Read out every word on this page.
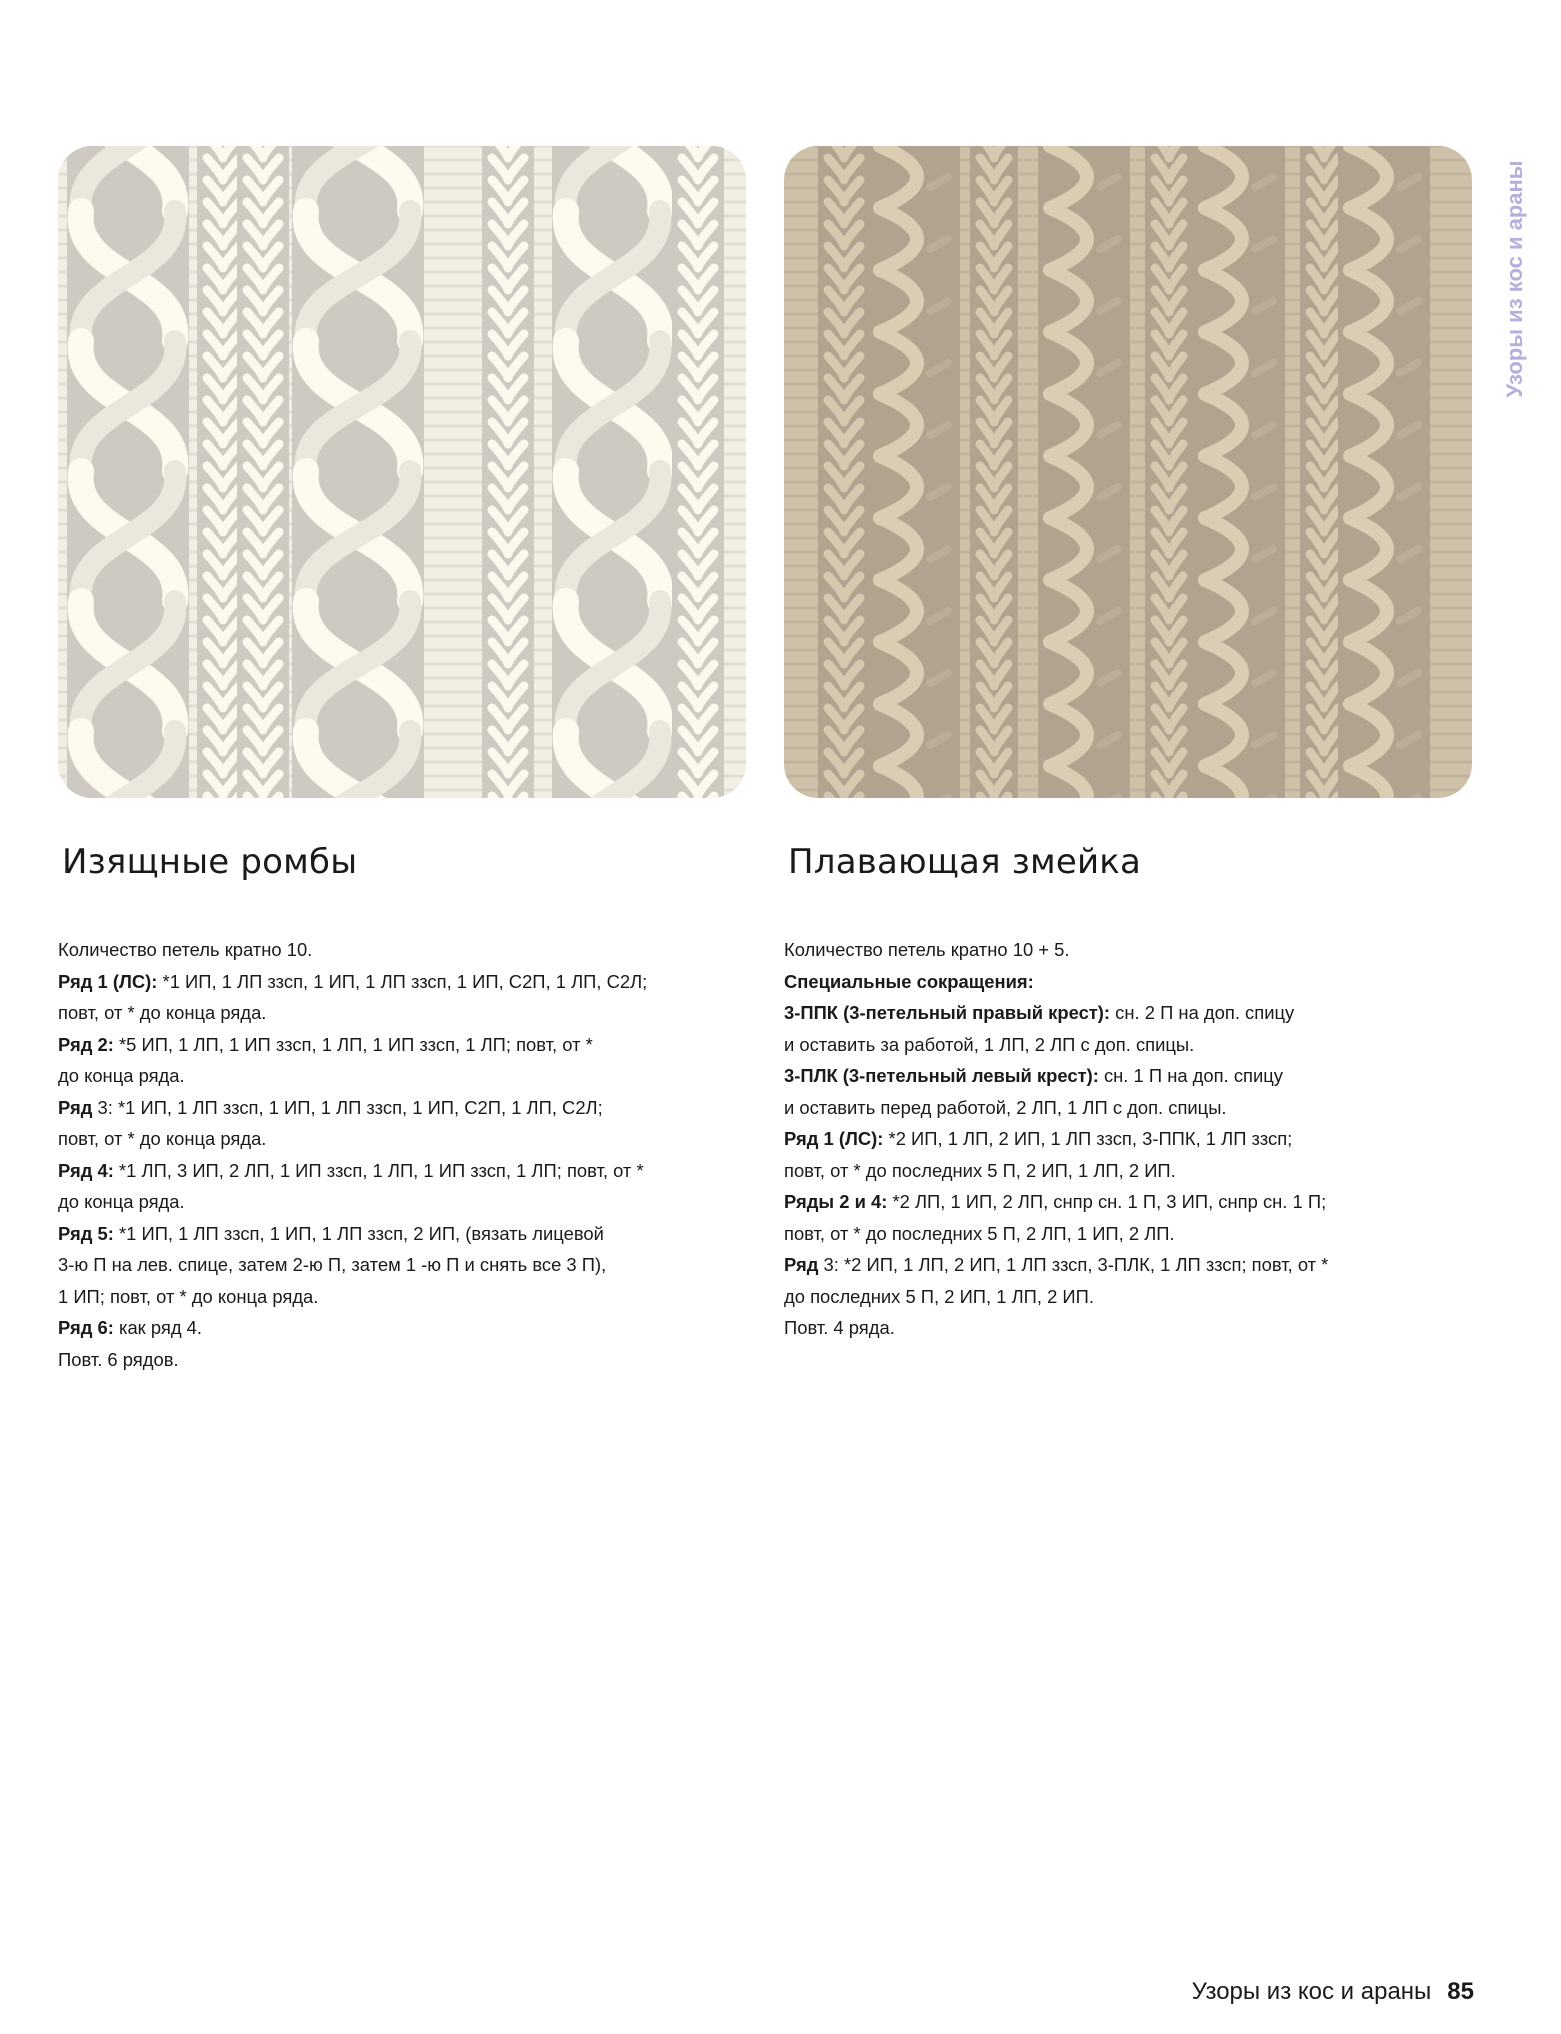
Узоры из кос и араны
Изящные ромбы

Количество петель кратно 10.

Ряд 1 (ЛС): *1 ИП, 1 ЛП ззсп, 1 ИП, 1 ЛП ззсп, 1 ИП, С2П, 1 ЛП, С2Л;

повт, от * до конца ряда.

Ряд 2: *5 ИП, 1 ЛП, 1 ИП ззсп, 1 ЛП, 1 ИП ззсп, 1 ЛП; повт, от *

до конца ряда.

Ряд 3: *1 ИП, 1 ЛП ззсп, 1 ИП, 1 ЛП ззсп, 1 ИП, С2П, 1 ЛП, С2Л;

повт, от * до конца ряда.

Ряд 4: *1 ЛП, 3 ИП, 2 ЛП, 1 ИП ззсп, 1 ЛП, 1 ИП ззсп, 1 ЛП; повт, от *

до конца ряда.

Ряд 5: *1 ИП, 1 ЛП ззсп, 1 ИП, 1 ЛП ззсп, 2 ИП, (вязать лицевой

3-ю П на лев. спице, затем 2-ю П, затем 1 -ю П и снять все 3 П),

1 ИП; повт, от * до конца ряда.

Ряд 6: как ряд 4.

Повт. 6 рядов.

Плавающая змейка

Количество петель кратно 10 + 5.

Специальные сокращения:

3-ППК (3-петельный правый крест): сн. 2 П на доп. спицу

и оставить за работой, 1 ЛП, 2 ЛП с доп. спицы.

3-ПЛК (3-петельный левый крест): сн. 1 П на доп. спицу

и оставить перед работой, 2 ЛП, 1 ЛП с доп. спицы.

Ряд 1 (ЛС): *2 ИП, 1 ЛП, 2 ИП, 1 ЛП ззсп, 3-ППК, 1 ЛП ззсп;

повт, от * до последних 5 П, 2 ИП, 1 ЛП, 2 ИП.

Ряды 2 и 4: *2 ЛП, 1 ИП, 2 ЛП, снпр сн. 1 П, 3 ИП, снпр сн. 1 П;

повт, от * до последних 5 П, 2 ЛП, 1 ИП, 2 ЛП.

Ряд 3: *2 ИП, 1 ЛП, 2 ИП, 1 ЛП ззсп, 3-ПЛК, 1 ЛП ззсп; повт, от *

до последних 5 П, 2 ИП, 1 ЛП, 2 ИП.

Повт. 4 ряда.

Узоры из кос и араны 85
